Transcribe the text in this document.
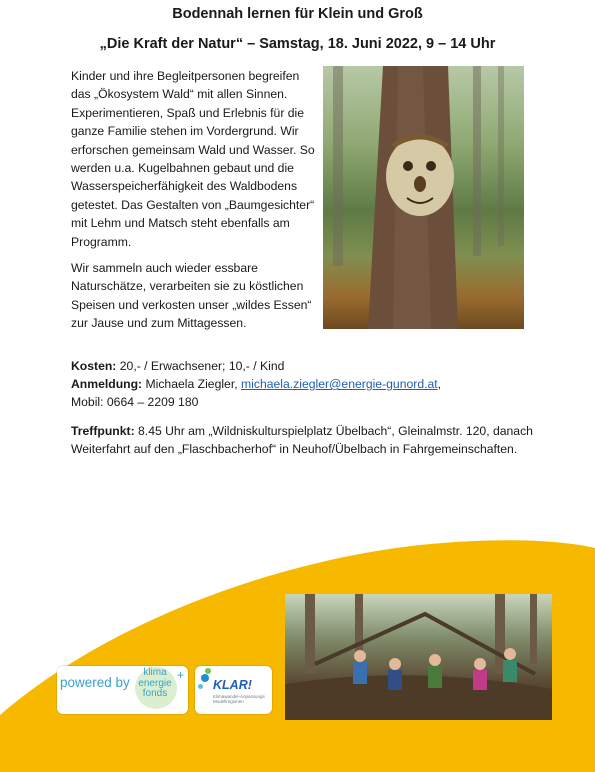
Bodennah lernen für Klein und Groß
„Die Kraft der Natur“ – Samstag, 18. Juni 2022, 9 – 14 Uhr
Kinder und ihre Begleitpersonen begreifen das „Ökosystem Wald“ mit allen Sinnen. Experimentieren, Spaß und Erlebnis für die ganze Familie stehen im Vordergrund. Wir erforschen gemeinsam Wald und Wasser. So werden u.a. Kugelbahnen gebaut und die Wasserspeicherfähigkeit des Waldbodens getestet. Das Gestalten von „Baumgesichter“ mit Lehm und Matsch steht ebenfalls am Programm.
Wir sammeln auch wieder essbare Naturschätze, verarbeiten sie zu köstlichen Speisen und verkosten unser „wildes Essen“ zur Jause und zum Mittagessen.
Kosten: 20,- / Erwachsener; 10,- / Kind
Anmeldung: Michaela Ziegler, michaela.ziegler@energie-gunord.at,
Mobil: 0664 – 2209 180
Treffpunkt: 8.45 Uhr am „Wildniskulturspielplatz Übelbach“, Gleinalmstr. 120, danach Weiterfahrt auf den „Flaschbacherhof“ in Neuhof/Übelbach in Fahrgemeinschaften.
powered by
klima
energie
fonds
+
KLAR!
Klimawandel-Anpassungs Modellregionen
